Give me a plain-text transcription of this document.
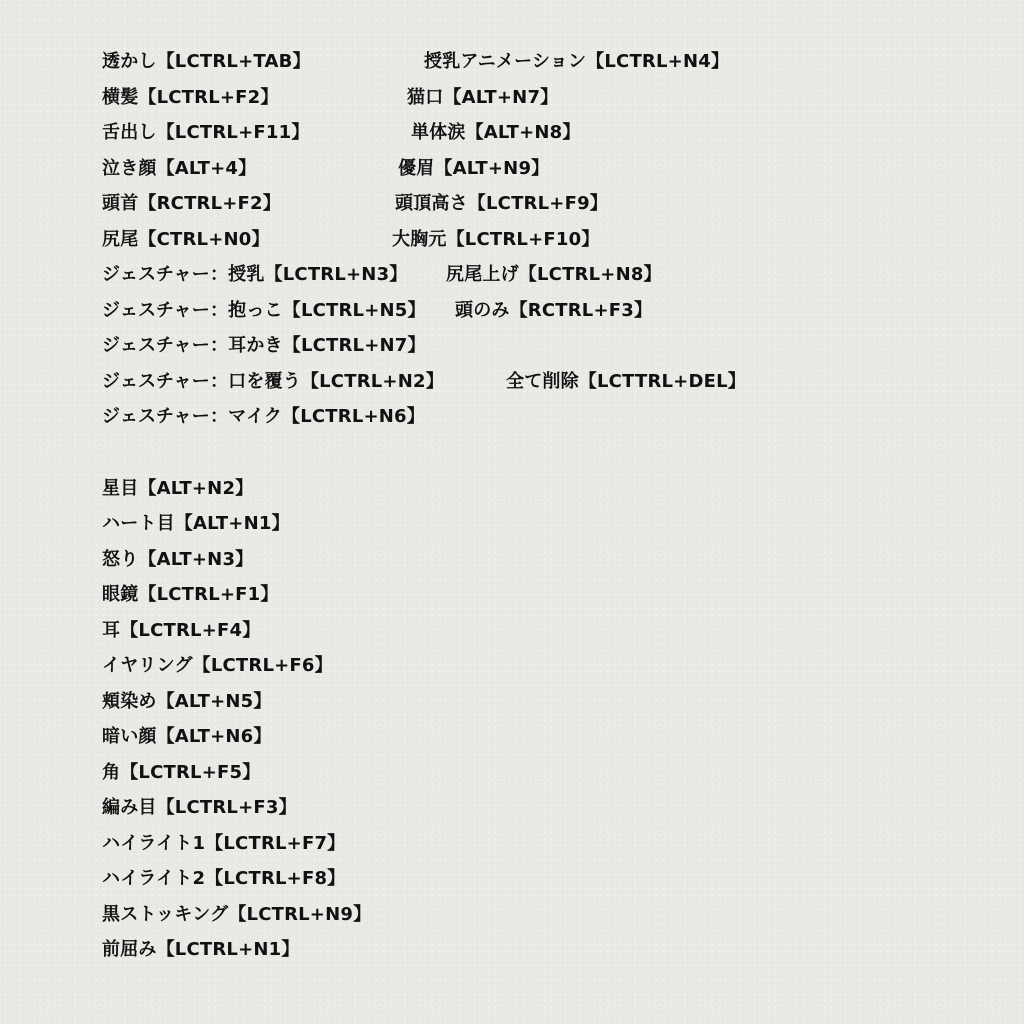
透かし【LCTRL+TAB】	授乳アニメーション【LCTRL+N4】
横髪【LCTRL+F2】	猫口【ALT+N7】
舌出し【LCTRL+F11】	単体涙【ALT+N8】
泣き顔【ALT+4】	優眉【ALT+N9】
頭首【RCTRL+F2】	頭頂高さ【LCTRL+F9】
尻尾【CTRL+N0】	大胸元【LCTRL+F10】
ジェスチャー：授乳【LCTRL+N3】 尻尾上げ【LCTRL+N8】
ジェスチャー：抱っこ【LCTRL+N5】 頭のみ【RCTRL+F3】
ジェスチャー：耳かき【LCTRL+N7】
ジェスチャー：口を覆う【LCTRL+N2】	全て削除【LCTTRL+DEL】
ジェスチャー：マイク【LCTRL+N6】
星目【ALT+N2】
ハート目【ALT+N1】
怒り【ALT+N3】
眼鏡【LCTRL+F1】
耳【LCTRL+F4】
イヤリング【LCTRL+F6】
頬染め【ALT+N5】
暗い顔【ALT+N6】
角【LCTRL+F5】
編み目【LCTRL+F3】
ハイライト1【LCTRL+F7】
ハイライト2【LCTRL+F8】
黒ストッキング【LCTRL+N9】
前屈み【LCTRL+N1】
